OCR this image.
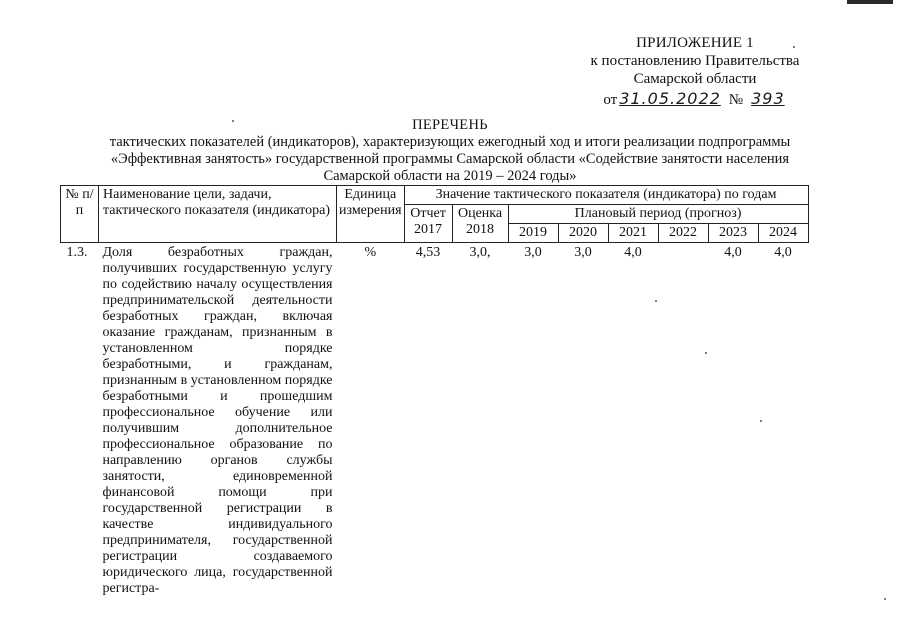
ПРИЛОЖЕНИЕ 1
к постановлению Правительства
Самарской области
от 31.05.2022 № 393
ПЕРЕЧЕНЬ
тактических показателей (индикаторов), характеризующих ежегодный ход и итоги реализации подпрограммы
«Эффективная занятость» государственной программы Самарской области «Содействие занятости населения
Самарской области на 2019 – 2024 годы»
№ п/п	Наименование цели, задачи, тактического показателя (индикатора)	Единица измерения	Значение тактического показателя (индикатора) по годам							
			Отчет 2017	Оценка 2018	Плановый период (прогноз)					
					2019	2020	2021	2022	2023	2024
1.3.	Доля безработных граждан, получивших государственную услугу по содействию началу осуществления предпринимательской деятельности безработных граждан, включая оказание гражданам, признанным в установленном порядке безработными, и гражданам, признанным в установленном порядке безработными и прошедшим профессиональное обучение или получившим дополнительное профессиональное образование по направлению органов службы занятости, единовременной финансовой помощи при государственной регистрации в качестве индивидуального предпринимателя, государственной регистрации создаваемого юридического лица, государственной регистра-	%	4,53	3,0,	3,0	3,0	4,0		4,0	4,0
